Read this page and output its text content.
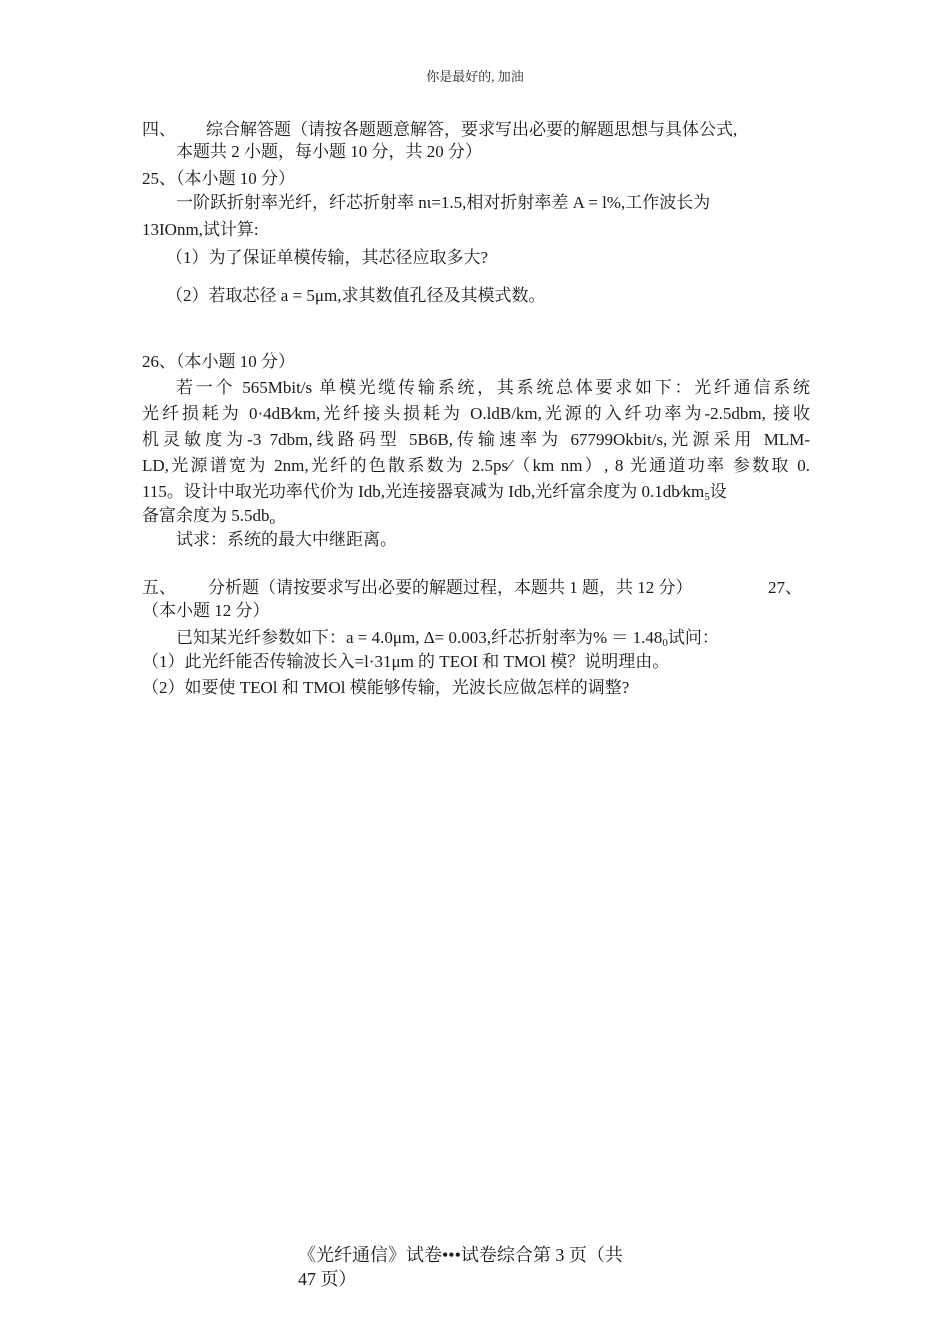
你是最好的, 加油
四、 综合解答题（请按各题题意解答，要求写出必要的解题思想与具体公式,
本题共 2 小题，每小题 10 分，共 20 分）
25、（本小题 10 分）
一阶跃折射率光纤，纤芯折射率 nι=1.5,相对折射率差 A = l%,工作波长为
13IOnm,试计算:
（1）为了保证单模传输，其芯径应取多大?
（2）若取芯径 a = 5μm,求其数值孔径及其模式数。
26、（本小题 10 分）
若一个 565Mbit/s 单模光缆传输系统，其系统总体要求如下：光纤通信系统
光纤损耗为 0·4dB⁄km,光纤接头损耗为 O.ldB/km,光源的入纤功率为-2.5dbm, 接收
机灵敏度为-3 7dbm,线路码型 5B6B,传输速率为 67799Okbit/s,光源采用 MLM-
LD,光源谱宽为 2nm,光纤的色散系数为 2.5ps⁄（km nm）, 8 光通道功率 参数取 0.
115。设计中取光功率代价为 Idb,光连接器衰减为 Idb,光纤富余度为 $0.1db⁄km_5$设
备富余度为 $5.5db_o$
试求：系统的最大中继距离。
五、 分析题（请按要求写出必要的解题过程，本题共 1 题，共 12 分）	27、
（本小题 12 分）
已知某光纤参数如下：a = 4.0μm, Δ= 0.003,纤芯折射率为% ＝ $1.48_0$试问：
（1）此光纤能否传输波长入=l·31μm 的 TEOI 和 TMOl 模？说明理由。
（2）如要使 TEOl 和 TMOl 模能够传输，光波长应做怎样的调整?
《光纤通信》试卷•••试卷综合第 3 页（共
47 页）
